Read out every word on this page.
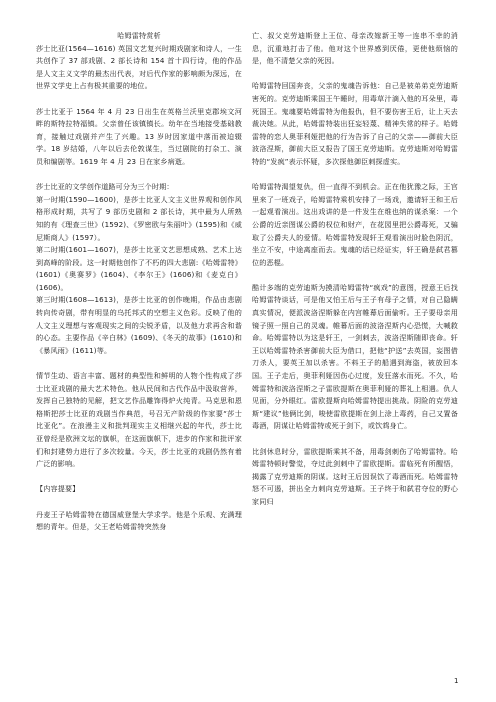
哈姆雷特赏析

莎士比亚(1564—1616) 英国文艺复兴时期戏剧家和诗人，一生共创作了 37 部戏剧、2 部长诗和 154 首十四行诗，他的作品是人文主义文学的最杰出代表，对后代作家的影响颇为深远，在世界文学史上占有极其重要的地位。

莎士比亚于 1564 年 4 月 23 日出生在英格兰沃里克郡埃文河畔的斯特拉特福镇。父亲曾任该镇镇长。幼年在当地接受基础教育，接触过戏剧并产生了兴趣。13 岁时因家道中落而被迫辍学。18 岁结婚，八年以后去伦敦谋生，当过剧院的打杂工、演员和编剧等。1619 年 4 月 23 日在家乡病逝。

莎士比亚的文学创作道路可分为三个时期：
第一时期(1590—1600)，是莎士比亚人文主义世界观和创作风格形成时期，共写了 9 部历史剧和 2 部长诗，其中最为人所熟知的有《理查三世》(1592)、《罗密欧与朱丽叶》(1595)和《威尼斯商人》(1597）。
第二时期(1601—1607)，是莎士比亚文艺思想成熟、艺术上达到高峰的阶段。这一时期他创作了不朽的四大悲剧:《哈姆雷特》(1601)《奥赛罗》(1604)、《李尔王》(1606)和《麦克白》(1606)。

第三时期(1608—1613)，是莎士比亚的创作晚期，作品由悲剧转向传奇剧，带有明显的乌托邦式的空想主义色彩。反映了他的人文主义理想与客观现实之间的尖锐矛盾，以及他力求再含和谐的心态。主要作品《辛白林》(1609)、《冬天的故事》(1610)和《暴风雨》(1611)等。

情节生动、语言丰富、题材的典型性和鲜明的人物个性构成了莎士比亚戏剧的最大艺术特色。他从民间和古代作品中汲取营养，发挥自己独特的见解，把文艺作品雕饰得炉火纯青。马克思和恩格斯把莎士比亚的戏剧当作典范，号召无产阶级的作家要“莎士比亚化”。在浪漫主义和批判现实主义相继兴起的年代，莎士比亚曾经是欧洲文坛的旗帜，在这面旗帜下，进步的作家和批评家们和封建势力进行了多次较量。今天，莎士比亚的戏剧仍然有着广泛的影响。

【内容提要】

丹麦王子哈姆雷特在德国威登堡大学求学。他是个乐观、充满理想的青年。但是，父王老哈姆雷特突然身

亡、叔父克劳迪斯登上王位、母亲改嫁新王等一连串不幸的消息，沉重地打击了他。他对这个世界感到厌倦，更使他烦恼的是，他不清楚父亲的死因。

哈姆雷特回国奔丧，父亲的鬼魂告诉他：自己是被弟弟克劳迪斯害死的。克劳迪斯乘国王午睡时，用毒草汁滴入他的耳朵里，毒死国王。鬼魂要哈姆雷特为他报仇，但不要伤害王后，让上天去裁决她。从此，哈姆雷特装出狂妄轻蔑、精神失常的样子。哈姆雷特的恋人奥菲利娅把他的行为告诉了自己的父亲——御前大臣波洛涅斯，御前大臣又报告了国王克劳迪斯。克劳迪斯对哈姆雷特的“发疯”表示怀疑，多次探他御臣刺探虚实。

哈姆雷特渴望复仇，但一直得不到机会。正在他犹豫之际，王宫里来了一班戏子，哈姆雷特乘机安排了一场戏，邀请轩王和王后一起观看演出。这出戏讲的是一件发生在维也纳的谋杀案：一个公爵的近亲图谋公爵的权位和财产，在花园里把公爵毒死，又骗取了公爵夫人的爱情。哈姆雷特发现轩王观看演出时脸色阴沉，坐立不安，中途离座而去。鬼魂的话已经证实，轩王确是弑君篡位的恶棍。

酷计多端的克劳迪斯为摸清哈姆雷特“疯戏”的意图，授意王后找哈姆雷特谈话，可是他又怕王后与王子有母子之情，对自己隐瞒真实情况，便派波洛涅斯躲在内宫帷幕后面偷听。王子要母亲用镜子照一照自己的灵魂。帷幕后面的波洛涅斯内心恐慌，大喊救命。哈姆雷特以为这是轩王，一剑刺去，波洛涅斯随即丧命。轩王以哈姆雷特杀害御前大臣为借口，把他“护送”去英国，妄图借刀杀人，要英王加以杀害。不料王子的船遇到海盗，被放回本国。王子走后，奥菲利娅因伤心过度，发狂落水而死。不久，哈姆雷特和波洛涅斯之子雷欧提斯在奥菲利娅的葬礼上相遇。仇人见面，分外眼红。雷欧提斯向哈姆雷特提出挑战。阴险的克劳迪斯“建议”他俩比剑，唆使雷欧提斯在剑上涂上毒药，自己又置备毒酒，阴谋让哈姆雷特或死于剑下，或饮鸩身亡。

比剑休息时分，雷欧提斯乘其不备，用毒剑刺伤了哈姆雷特。哈姆雷特顿时警觉，夺过此剑刺中了雷欧提斯。雷临死有所醒悟，揭露了克劳迪斯的阴谋。这时王后因误饮了毒酒而死。哈姆雷特怒不可遏，拼出全力刺向克劳迪斯。王子终于和弑君夺位的野心家同归

1
